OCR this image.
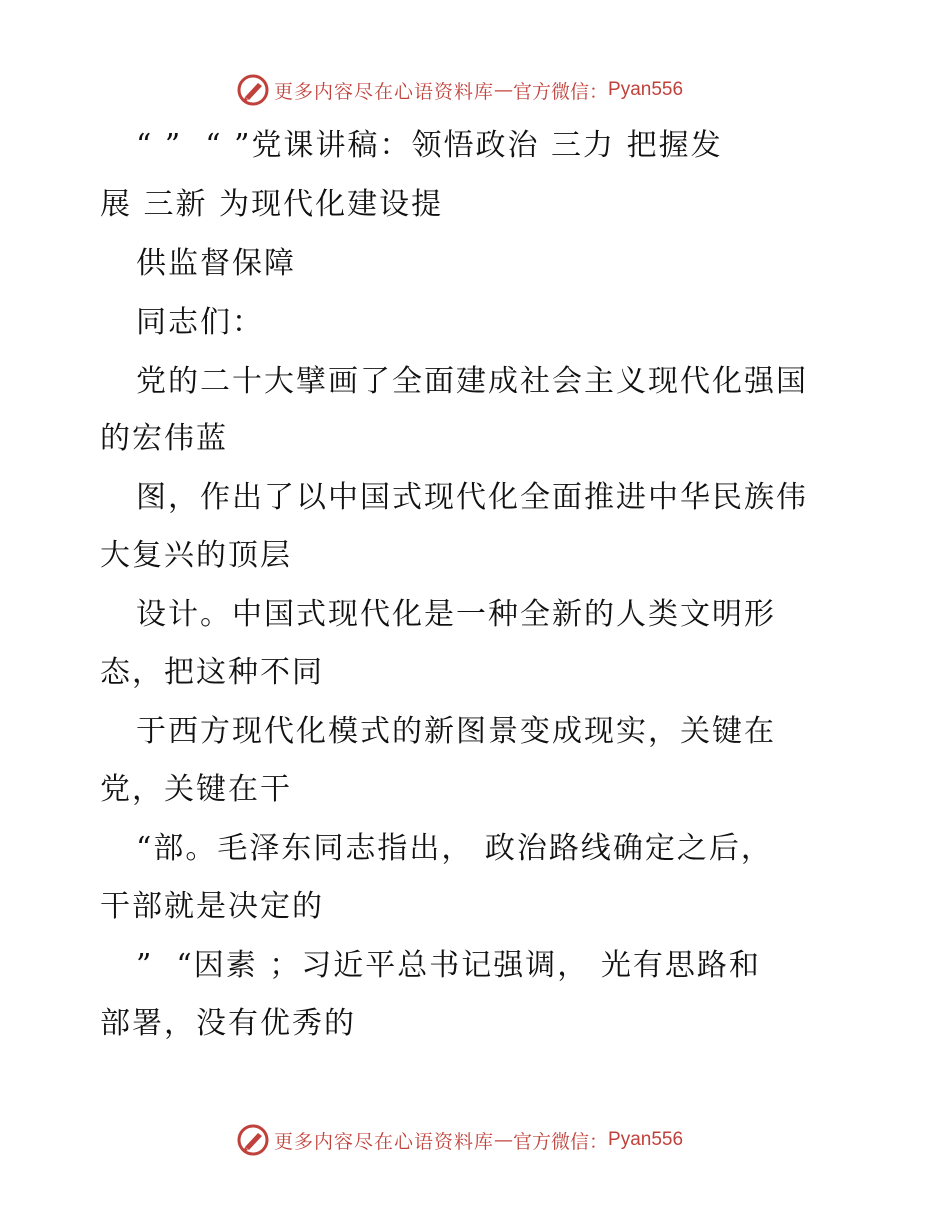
更多内容尽在心语资料库 — 官方微信： Pyan556
“ ”  “ ”党课讲稿：领悟政治 三力 把握发
展 三新 为现代化建设提
供监督保障
同志们：
党的二十大擘画了全面建成社会主义现代化强国
的宏伟蓝
图，作出了以中国式现代化全面推进中华民族伟
大复兴的顶层
设计。中国式现代化是一种全新的人类文明形
态，把这种不同
于西方现代化模式的新图景变成现实，关键在
党，关键在干
“部。毛泽东同志指出， 政治路线确定之后，
干部就是决定的
”  “因素 ；习近平总书记强调， 光有思路和
部署，没有优秀的
更多内容尽在心语资料库 — 官方微信： Pyan556
